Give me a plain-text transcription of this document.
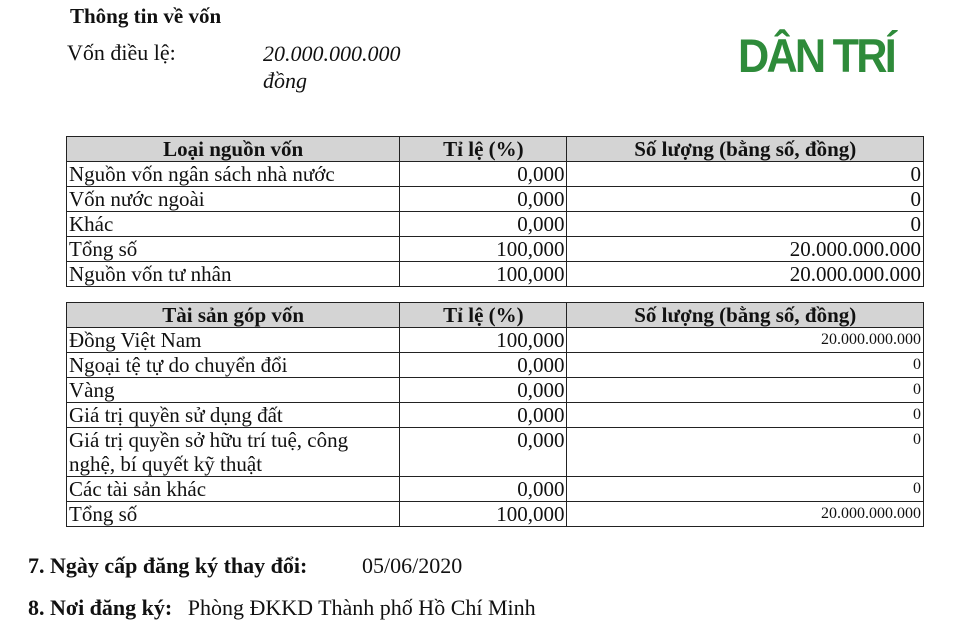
Thông tin về vốn
Vốn điều lệ:	20.000.000.000
đồng	DÂN TRÍ
Loại nguồn vốn	Tỉ lệ (%)	Số lượng (bằng số, đồng)
Nguồn vốn ngân sách nhà nước	0,000	0
Vốn nước ngoài	0,000	0
Khác	0,000	0
Tổng số	100,000	20.000.000.000
Nguồn vốn tư nhân	100,000	20.000.000.000
Tài sản góp vốn	Tỉ lệ (%)	Số lượng (bằng số, đồng)
Đồng Việt Nam	100,000	20.000.000.000
Ngoại tệ tự do chuyển đổi	0,000	0
Vàng	0,000	0
Giá trị quyền sử dụng đất	0,000	0
Giá trị quyền sở hữu trí tuệ, công nghệ, bí quyết kỹ thuật	0,000	0
Các tài sản khác	0,000	0
Tổng số	100,000	20.000.000.000
7. Ngày cấp đăng ký thay đổi: 05/06/2020
8. Nơi đăng ký: Phòng ĐKKD Thành phố Hồ Chí Minh
